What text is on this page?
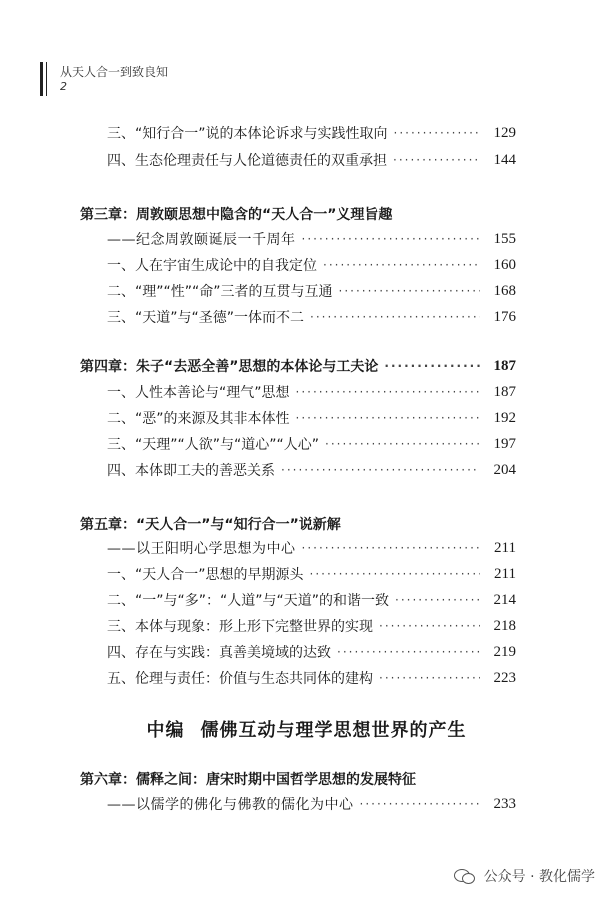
从天人合一到致良知
2
三、“知行合一”说的本体论诉求与实践性取向 ·····	129
四、生态伦理责任与人伦道德责任的双重承担 ·····	144
第三章：周敦颐思想中隐含的“天人合一”义理旨趣
——纪念周敦颐诞辰一千周年 ·····	155
一、人在宇宙生成论中的自我定位 ·····	160
二、“理”“性”“命”三者的互贯与互通 ·····	168
三、“天道”与“圣德”一体而不二 ·····	176
第四章：朱子“去恶全善”思想的本体论与工夫论 ·····	187
一、人性本善论与“理气”思想 ·····	187
二、“恶”的来源及其非本体性 ·····	192
三、“天理”“人欲”与“道心”“人心” ·····	197
四、本体即工夫的善恶关系 ·····	204
第五章：“天人合一”与“知行合一”说新解
——以王阳明心学思想为中心 ·····	211
一、“天人合一”思想的早期源头 ·····	211
二、“一”与“多”：“人道”与“天道”的和谐一致 ·····	214
三、本体与现象：形上形下完整世界的实现 ·····	218
四、存在与实践：真善美境域的达致 ·····	219
五、伦理与责任：价值与生态共同体的建构 ·····	223
中编 儒佛互动与理学思想世界的产生
第六章：儒释之间：唐宋时期中国哲学思想的发展特征
——以儒学的佛化与佛教的儒化为中心 ·····	233
公众号 · 教化儒学
